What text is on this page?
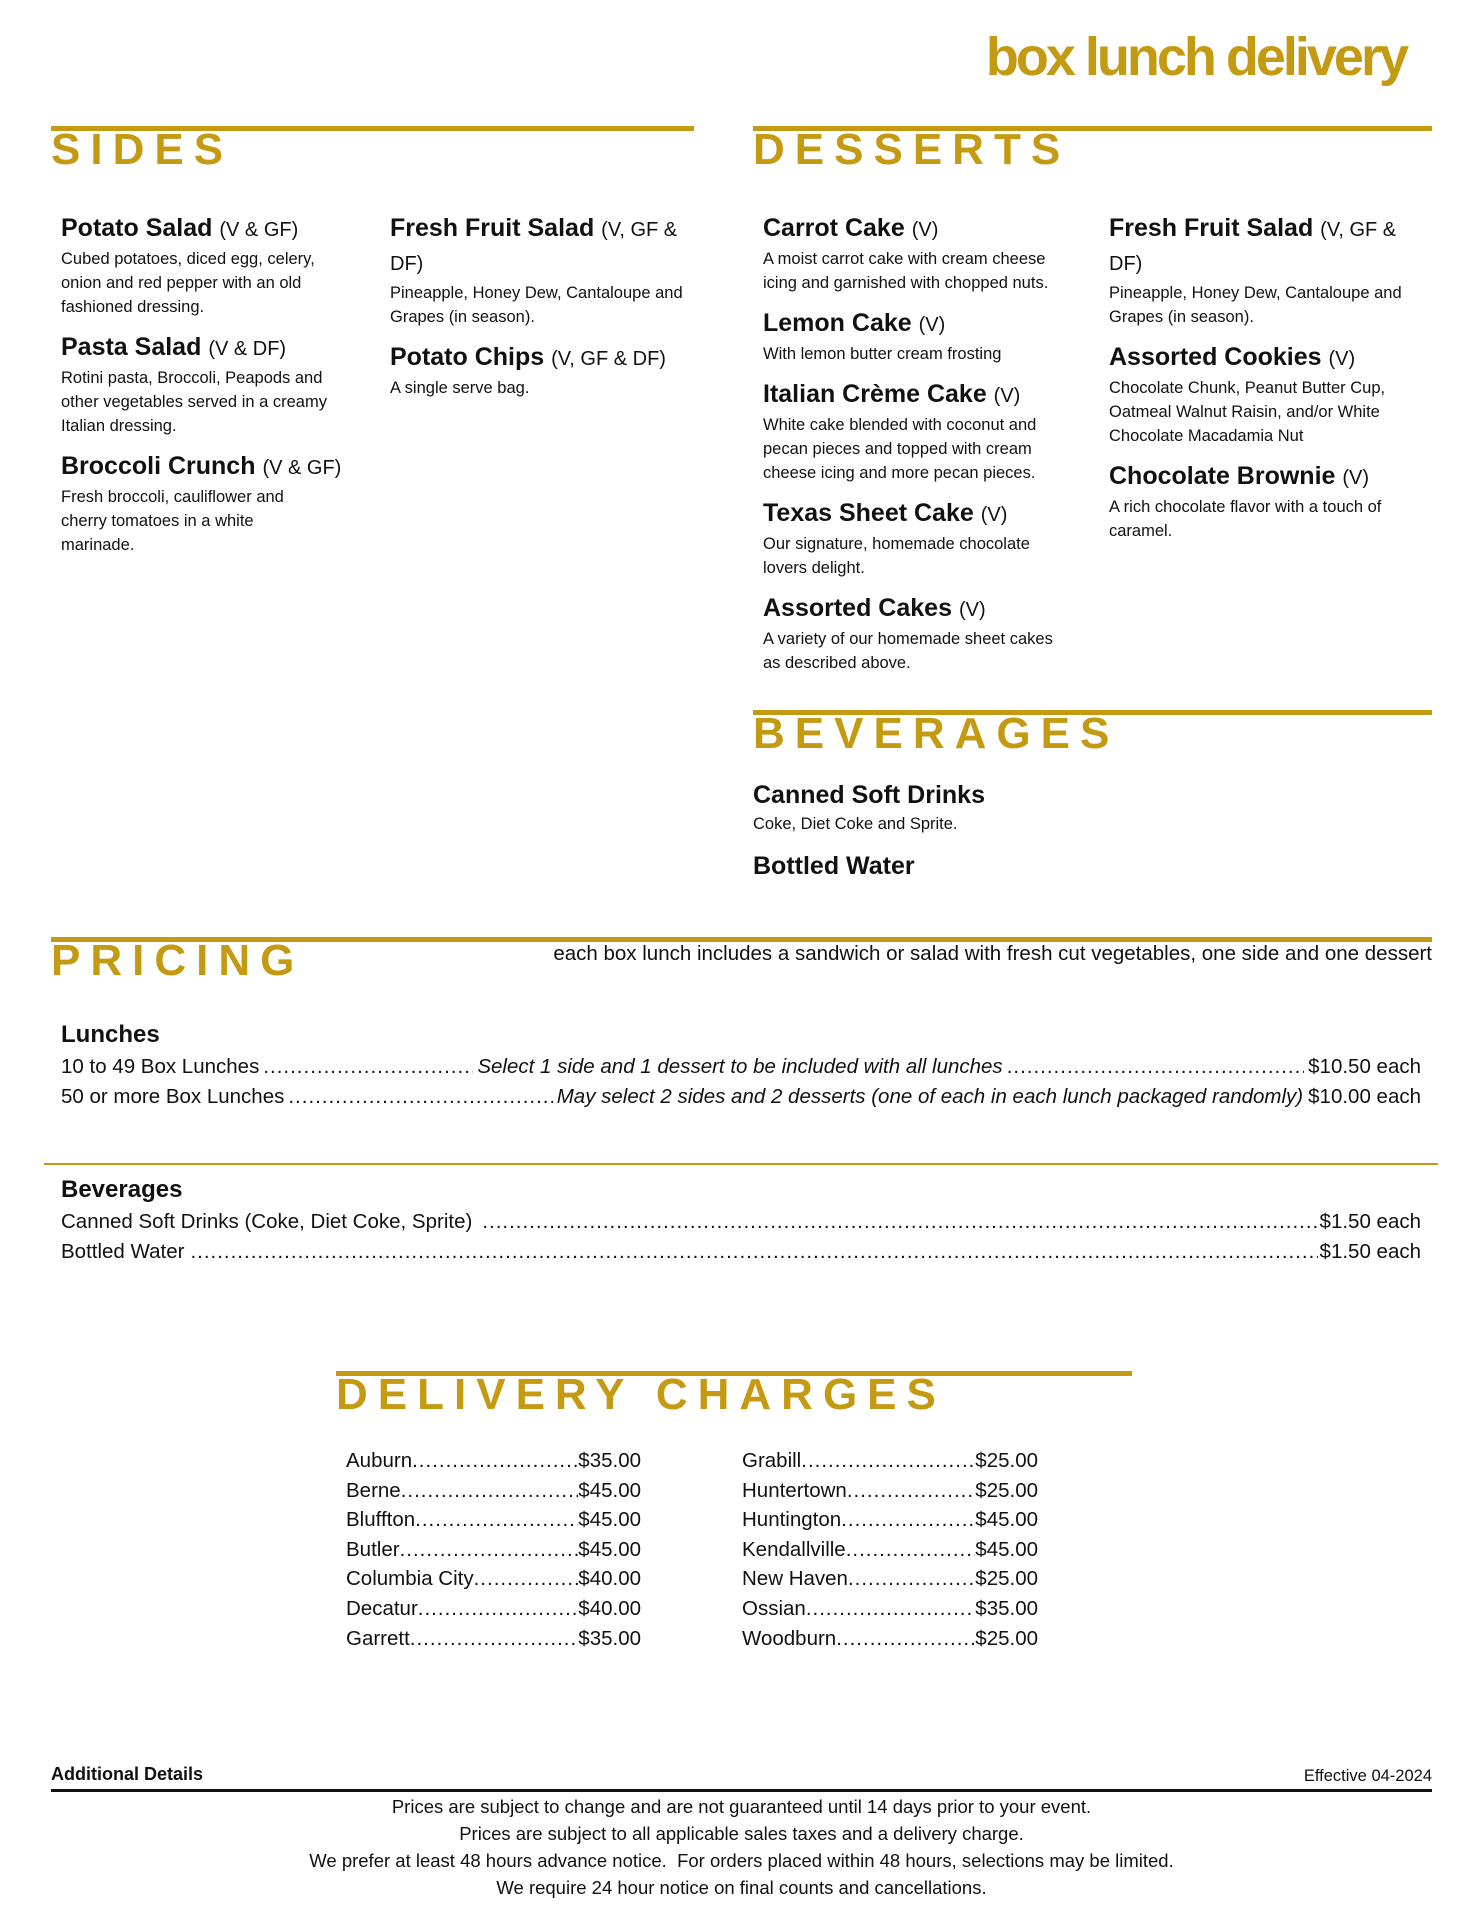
box lunch delivery
SIDES
Potato Salad (V & GF)
Cubed potatoes, diced egg, celery, onion and red pepper with an old fashioned dressing.
Pasta Salad (V & DF)
Rotini pasta, Broccoli, Peapods and other vegetables served in a creamy Italian dressing.
Broccoli Crunch (V & GF)
Fresh broccoli, cauliflower and cherry tomatoes in a white marinade.
Fresh Fruit Salad (V, GF & DF)
Pineapple, Honey Dew, Cantaloupe and Grapes (in season).
Potato Chips (V, GF & DF)
A single serve bag.
DESSERTS
Carrot Cake (V)
A moist carrot cake with cream cheese icing and garnished with chopped nuts.
Lemon Cake (V)
With lemon butter cream frosting
Italian Crème Cake (V)
White cake blended with coconut and pecan pieces and topped with cream cheese icing and more pecan pieces.
Texas Sheet Cake (V)
Our signature, homemade chocolate lovers delight.
Assorted Cakes (V)
A variety of our homemade sheet cakes as described above.
Fresh Fruit Salad (V, GF & DF)
Pineapple, Honey Dew, Cantaloupe and Grapes (in season).
Assorted Cookies (V)
Chocolate Chunk, Peanut Butter Cup, Oatmeal Walnut Raisin, and/or White Chocolate Macadamia Nut
Chocolate Brownie (V)
A rich chocolate flavor with a touch of caramel.
BEVERAGES
Canned Soft Drinks
Coke, Diet Coke and Sprite.
Bottled Water
PRICING	each box lunch includes a sandwich or salad with fresh cut vegetables, one side and one dessert
Lunches
10 to 49 Box Lunches .....	Select 1 side and 1 dessert to be included with all lunches .....	$10.50 each
50 or more Box Lunches .....	May select 2 sides and 2 desserts (one of each in each lunch packaged randomly) $10.00 each
Beverages
Canned Soft Drinks (Coke, Diet Coke, Sprite) .....	$1.50 each
Bottled Water .....	$1.50 each
DELIVERY CHARGES
Auburn .....	$35.00
Berne .....	$45.00
Bluffton .....	$45.00
Butler .....	$45.00
Columbia City .....	$40.00
Decatur .....	$40.00
Garrett .....	$35.00
Grabill .....	$25.00
Huntertown .....	$25.00
Huntington .....	$45.00
Kendallville .....	$45.00
New Haven .....	$25.00
Ossian .....	$35.00
Woodburn .....	$25.00
Additional Details	Effective 04-2024
Prices are subject to change and are not guaranteed until 14 days prior to your event.
Prices are subject to all applicable sales taxes and a delivery charge.
We prefer at least 48 hours advance notice.  For orders placed within 48 hours, selections may be limited.
We require 24 hour notice on final counts and cancellations.
